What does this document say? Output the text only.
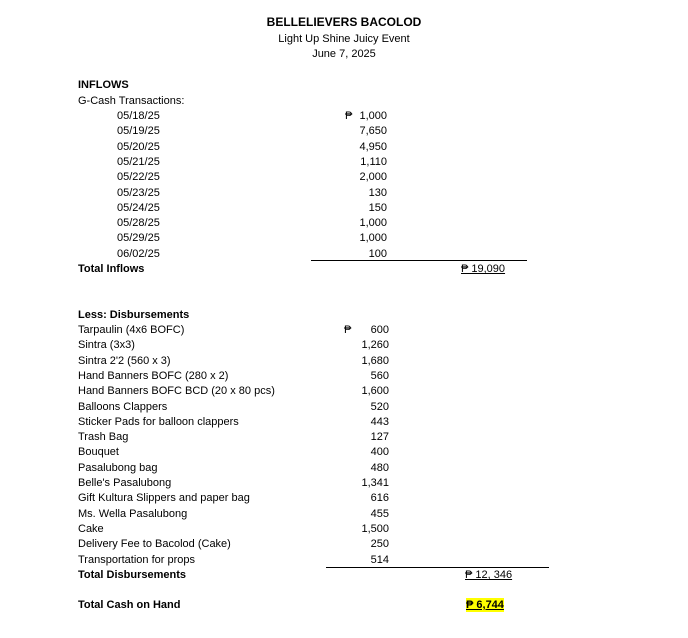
BELLELIEVERS BACOLOD
Light Up Shine Juicy Event
June 7, 2025
INFLOWS
G-Cash Transactions:
05/18/25	1,000
₱
05/19/25	7,650
05/20/25	4,950
05/21/25	1,110
05/22/25	2,000
05/23/25	130
05/24/25	150
05/28/25	1,000
05/29/25	1,000
06/02/25	100
Total Inflows	₱ 19,090
Less: Disbursements
₱
Tarpaulin (4x6 BOFC)	600
Sintra (3x3)	1,260
Sintra 2'2 (560 x 3)	1,680
Hand Banners BOFC (280 x 2)	560
Hand Banners BOFC BCD (20 x 80 pcs)	1,600
Balloons Clappers	520
Sticker Pads for balloon clappers	443
Trash Bag	127
Bouquet	400
Pasalubong bag	480
Belle's Pasalubong	1,341
Gift Kultura Slippers and paper bag	616
Ms. Wella Pasalubong	455
Cake	1,500
Delivery Fee to Bacolod (Cake)	250
Transportation for props	514
Total Disbursements	₱ 12, 346
Total Cash on Hand	₱ 6,744
